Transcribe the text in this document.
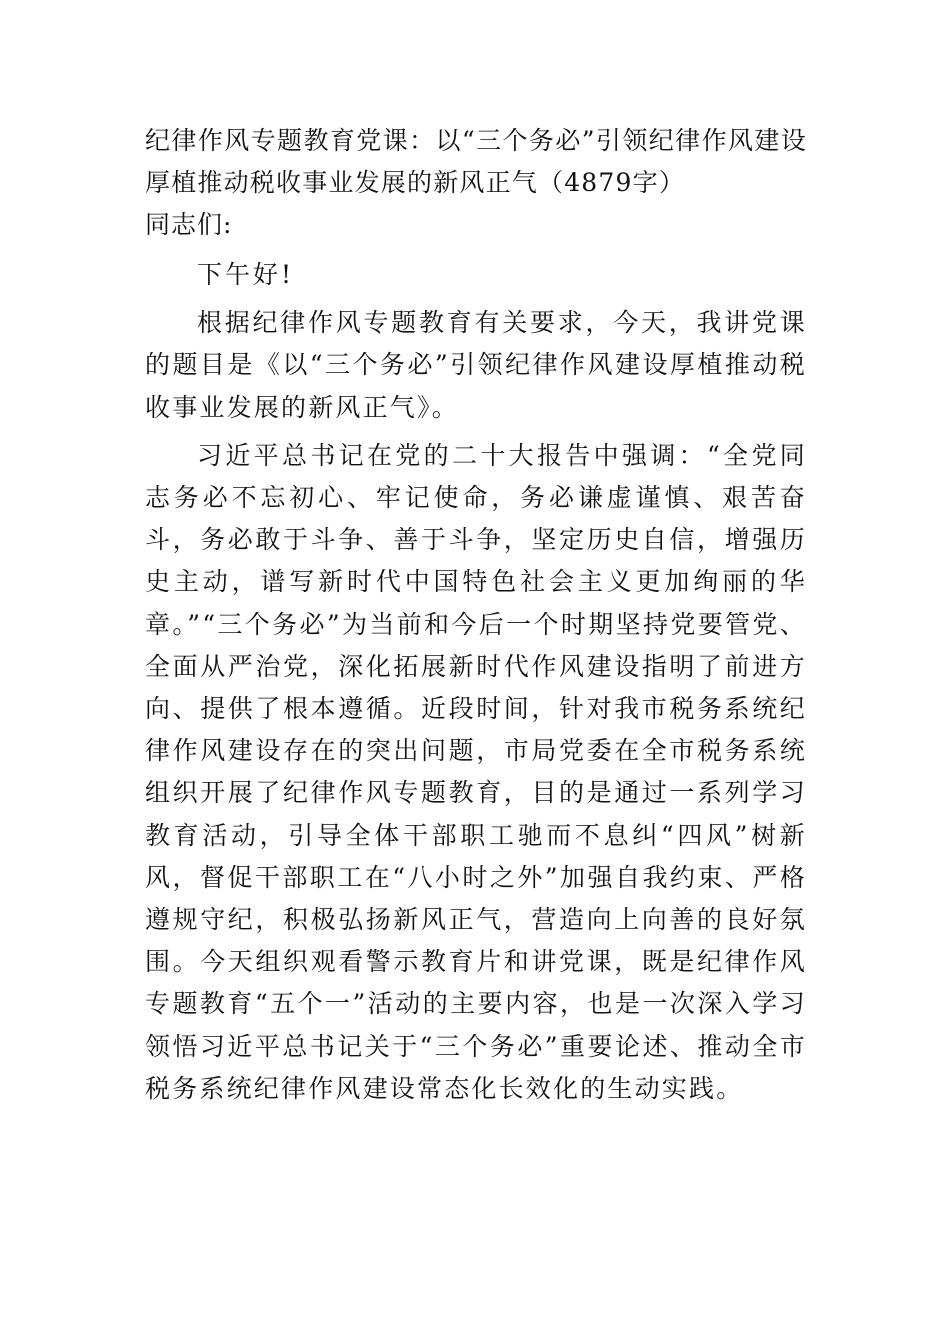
纪律作风专题教育党课：以“三个务必”引领纪律作风建设厚植推动税收事业发展的新风正气（4879字）

同志们:

下午好!

根据纪律作风专题教育有关要求，今天，我讲党课的题目是《以“三个务必”引领纪律作风建设厚植推动税收事业发展的新风正气》。

习近平总书记在党的二十大报告中强调：“全党同志务必不忘初心、牢记使命，务必谦虚谨慎、艰苦奋斗，务必敢于斗争、善于斗争，坚定历史自信，增强历史主动，谱写新时代中国特色社会主义更加绚丽的华章。”“三个务必”为当前和今后一个时期坚持党要管党、全面从严治党，深化拓展新时代作风建设指明了前进方向、提供了根本遵循。近段时间，针对我市税务系统纪律作风建设存在的突出问题，市局党委在全市税务系统组织开展了纪律作风专题教育，目的是通过一系列学习教育活动，引导全体干部职工驰而不息纠“四风”树新风，督促干部职工在“八小时之外”加强自我约束、严格遵规守纪，积极弘扬新风正气，营造向上向善的良好氛围。今天组织观看警示教育片和讲党课，既是纪律作风专题教育“五个一”活动的主要内容，也是一次深入学习领悟习近平总书记关于“三个务必”重要论述、推动全市税务系统纪律作风建设常态化长效化的生动实践。
